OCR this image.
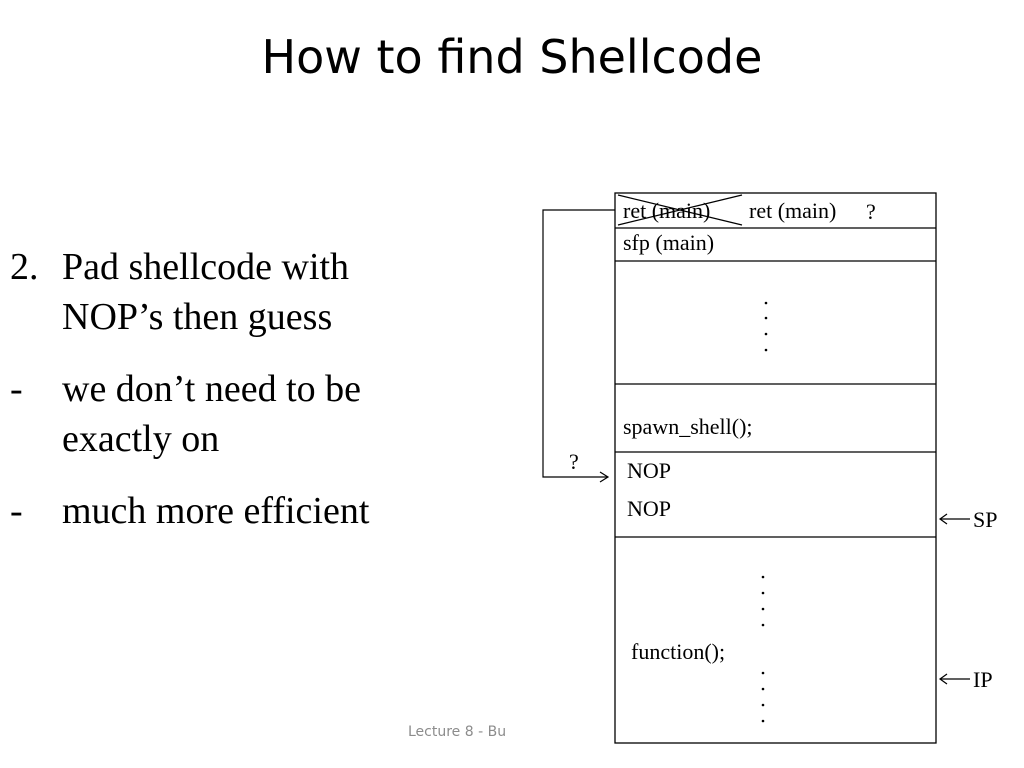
How to find Shellcode
2. Pad shellcode with NOP’s then guess
- we don’t need to be exactly on
- much more efficient
ret (main) ret (main) ?
sfp (main)
spawn_shell();
NOP
NOP
function();
?
SP
IP
Lecture 8 - Bu
